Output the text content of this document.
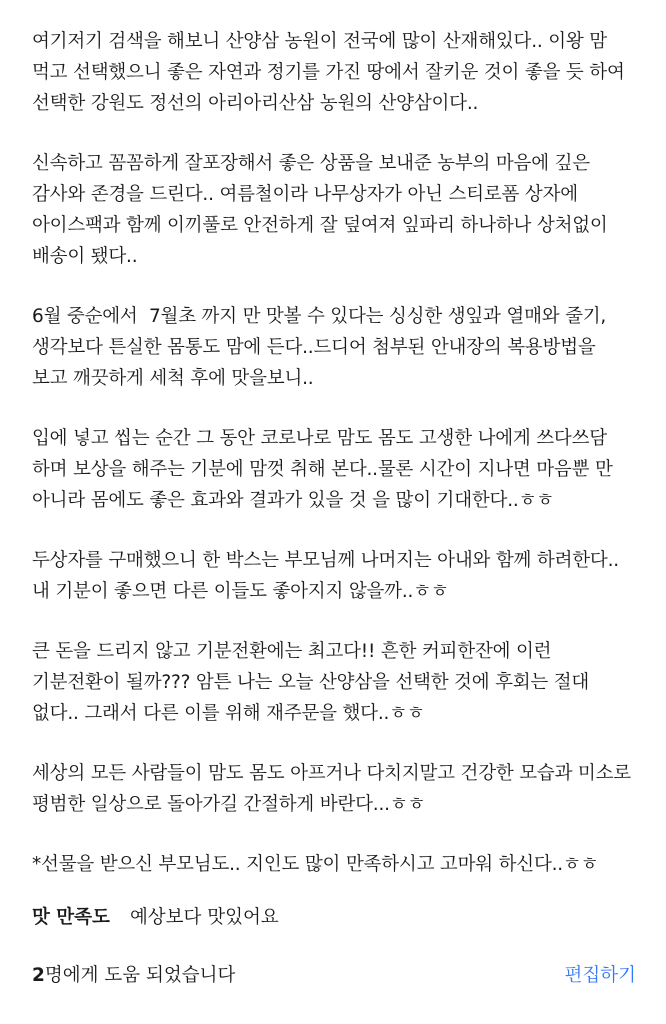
여기저기 검색을 해보니 산양삼 농원이 전국에 많이 산재해있다.. 이왕 맘 먹고 선택했으니 좋은 자연과 정기를 가진 땅에서 잘키운 것이 좋을 듯 하여 선택한 강원도 정선의 아리아리산삼 농원의 산양삼이다..

신속하고 꼼꼼하게 잘포장해서 좋은 상품을 보내준 농부의 마음에 깊은 감사와 존경을 드린다.. 여름철이라 나무상자가 아닌 스티로폼 상자에 아이스팩과 함께 이끼풀로 안전하게 잘 덮여져 잎파리 하나하나 상처없이 배송이 됐다..

6월 중순에서  7월초 까지 만 맛볼 수 있다는 싱싱한 생잎과 열매와 줄기, 생각보다 튼실한 몸통도 맘에 든다..드디어 첨부된 안내장의 복용방법을 보고 깨끗하게 세척 후에 맛을보니..

입에 넣고 씹는 순간 그 동안 코로나로 맘도 몸도 고생한 나에게 쓰다쓰담 하며 보상을 해주는 기분에 맘껏 취해 본다..물론 시간이 지나면 마음뿐 만 아니라 몸에도 좋은 효과와 결과가 있을 것 을 많이 기대한다..ㅎㅎ

두상자를 구매했으니 한 박스는 부모님께 나머지는 아내와 함께 하려한다.. 내 기분이 좋으면 다른 이들도 좋아지지 않을까..ㅎㅎ

큰 돈을 드리지 않고 기분전환에는 최고다!! 흔한 커피한잔에 이런 기분전환이 될까??? 암튼 나는 오늘 산양삼을 선택한 것에 후회는 절대 없다.. 그래서 다른 이를 위해 재주문을 했다..ㅎㅎ

세상의 모든 사람들이 맘도 몸도 아프거나 다치지말고 건강한 모습과 미소로 평범한 일상으로 돌아가길 간절하게 바란다...ㅎㅎ

*선물을 받으신 부모님도.. 지인도 많이 만족하시고 고마워 하신다..ㅎㅎ

맛 만족도 예상보다 맛있어요
2명에게 도움 되었습니다	편집하기
